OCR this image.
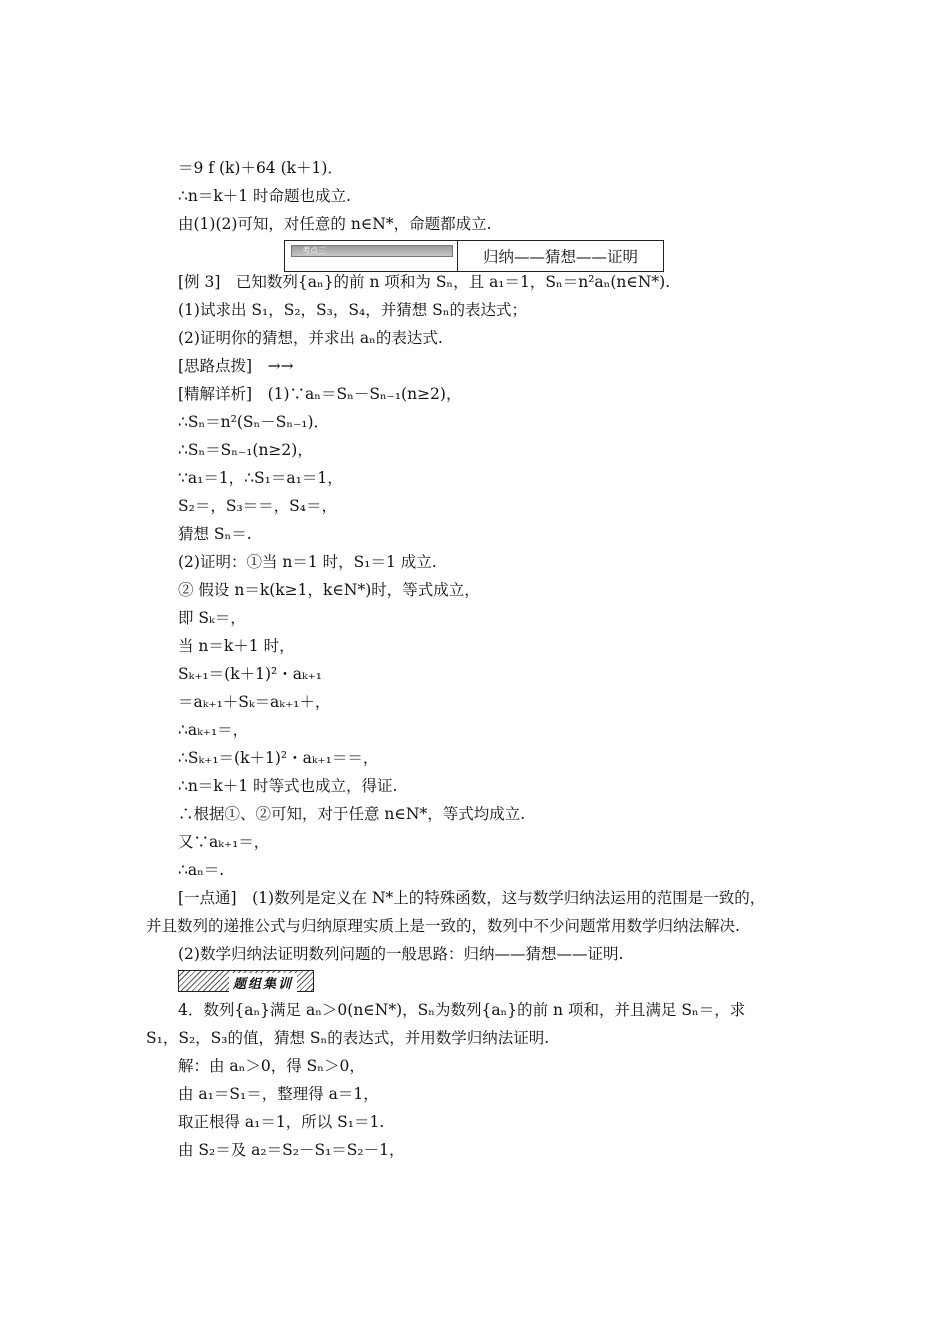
＝9 f (k)＋64 (k＋1)．
∴n＝k＋1 时命题也成立.
由(1)(2)可知，对任意的 n∈N*，命题都成立.
考点三	归纳——猜想——证明
[例 3]　已知数列{aₙ}的前 n 项和为 Sₙ，且 a₁＝1，Sₙ＝n²aₙ(n∈N*).
(1)试求出 S₁，S₂，S₃，S₄，并猜想 Sₙ的表达式；
(2)证明你的猜想，并求出 aₙ的表达式.
[思路点拨]　→→
[精解详析]　(1)∵aₙ＝Sₙ－Sₙ₋₁(n≥2)，
∴Sₙ＝n²(Sₙ－Sₙ₋₁)．
∴Sₙ＝Sₙ₋₁(n≥2)，
∵a₁＝1，∴S₁＝a₁＝1，
S₂＝，S₃＝＝，S₄＝，
猜想 Sₙ＝.
(2)证明：①当 n＝1 时，S₁＝1 成立.
② 假设 n＝k(k≥1，k∈N*)时，等式成立，
即 Sₖ＝，
当 n＝k＋1 时，
Sₖ₊₁＝(k＋1)²・aₖ₊₁
＝aₖ₊₁＋Sₖ＝aₖ₊₁＋，
∴aₖ₊₁＝，
∴Sₖ₊₁＝(k＋1)²・aₖ₊₁＝＝，
∴n＝k＋1 时等式也成立，得证.
∴根据①、②可知，对于任意 n∈N*，等式均成立.
又∵aₖ₊₁＝，
∴aₙ＝.
[一点通]　(1)数列是定义在 N*上的特殊函数，这与数学归纳法运用的范围是一致的，
并且数列的递推公式与归纳原理实质上是一致的，数列中不少问题常用数学归纳法解决.
(2)数学归纳法证明数列问题的一般思路：归纳——猜想——证明.
题组集训
4．数列{aₙ}满足 aₙ＞0(n∈N*)，Sₙ为数列{aₙ}的前 n 项和，并且满足 Sₙ＝，求
S₁，S₂，S₃的值，猜想 Sₙ的表达式，并用数学归纳法证明.
解：由 aₙ＞0，得 Sₙ＞0，
由 a₁＝S₁＝，整理得 a＝1，
取正根得 a₁＝1，所以 S₁＝1.
由 S₂＝及 a₂＝S₂－S₁＝S₂－1，
